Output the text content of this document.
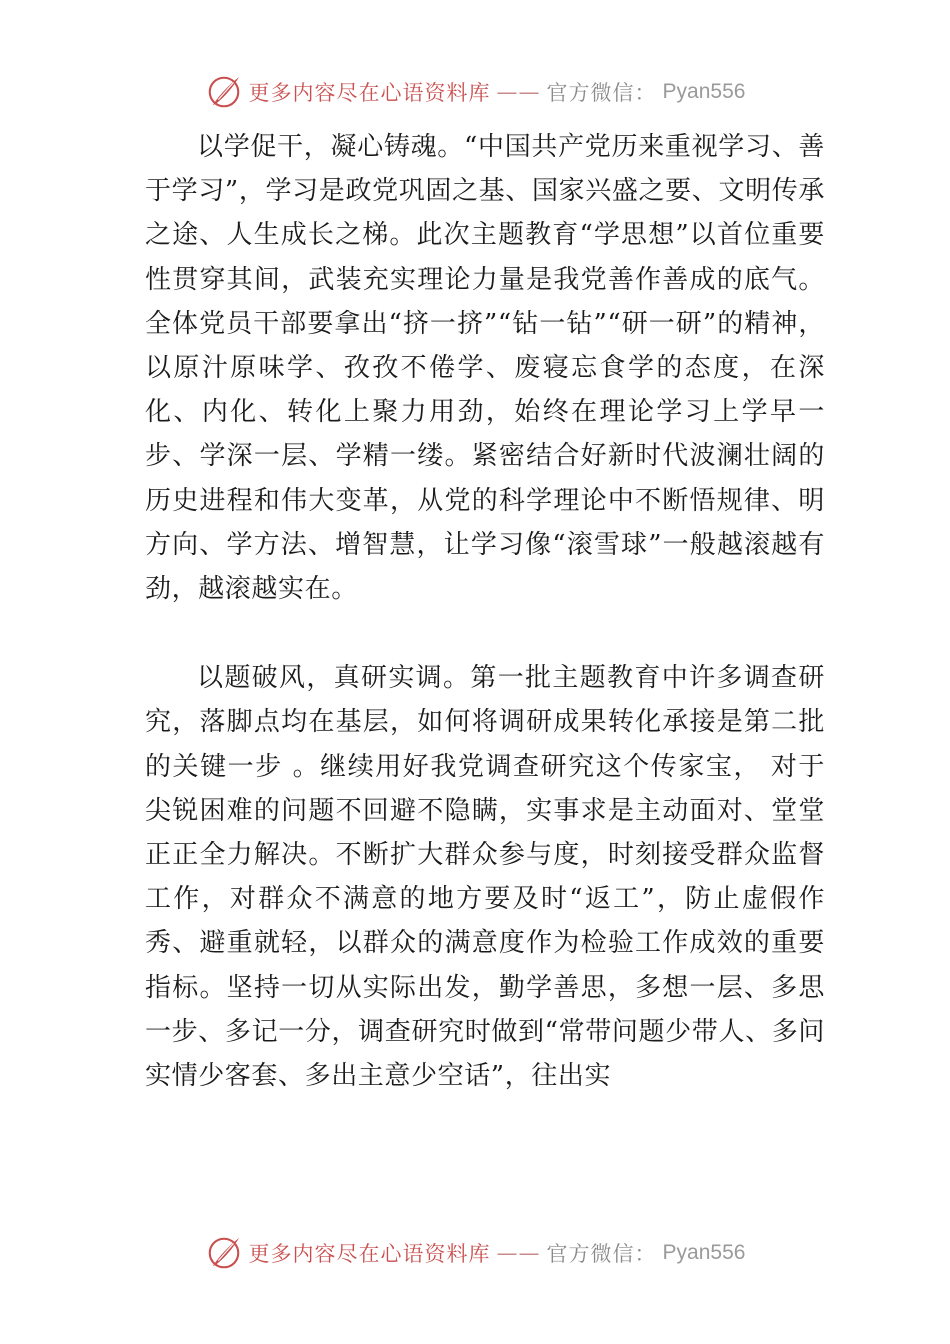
更多内容尽在心语资料库 —— 官方微信： Pyan556

以学促干，凝心铸魂。“中国共产党历来重视学习、善于学习”，学习是政党巩固之基、国家兴盛之要、文明传承之途、人生成长之梯。此次主题教育“学思想”以首位重要性贯穿其间，武装充实理论力量是我党善作善成的底气。全体党员干部要拿出“挤一挤”“钻一钻”“研一研”的精神，以原汁原味学、孜孜不倦学、废寝忘食学的态度，在深化、内化、转化上聚力用劲，始终在理论学习上学早一步、学深一层、学精一缕。紧密结合好新时代波澜壮阔的历史进程和伟大变革，从党的科学理论中不断悟规律、明方向、学方法、增智慧，让学习像“滚雪球”一般越滚越有劲，越滚越实在。

以题破风，真研实调。第一批主题教育中许多调查研究，落脚点均在基层，如何将调研成果转化承接是第二批的关键一步 。继续用好我党调查研究这个传家宝， 对于尖锐困难的问题不回避不隐瞒，实事求是主动面对、堂堂正正全力解决。不断扩大群众参与度，时刻接受群众监督工作，对群众不满意的地方要及时“返工”，防止虚假作秀、避重就轻，以群众的满意度作为检验工作成效的重要指标。坚持一切从实际出发，勤学善思，多想一层、多思一步、多记一分，调查研究时做到“常带问题少带人、多问实情少客套、多出主意少空话”，往出实

更多内容尽在心语资料库 —— 官方微信： Pyan556
